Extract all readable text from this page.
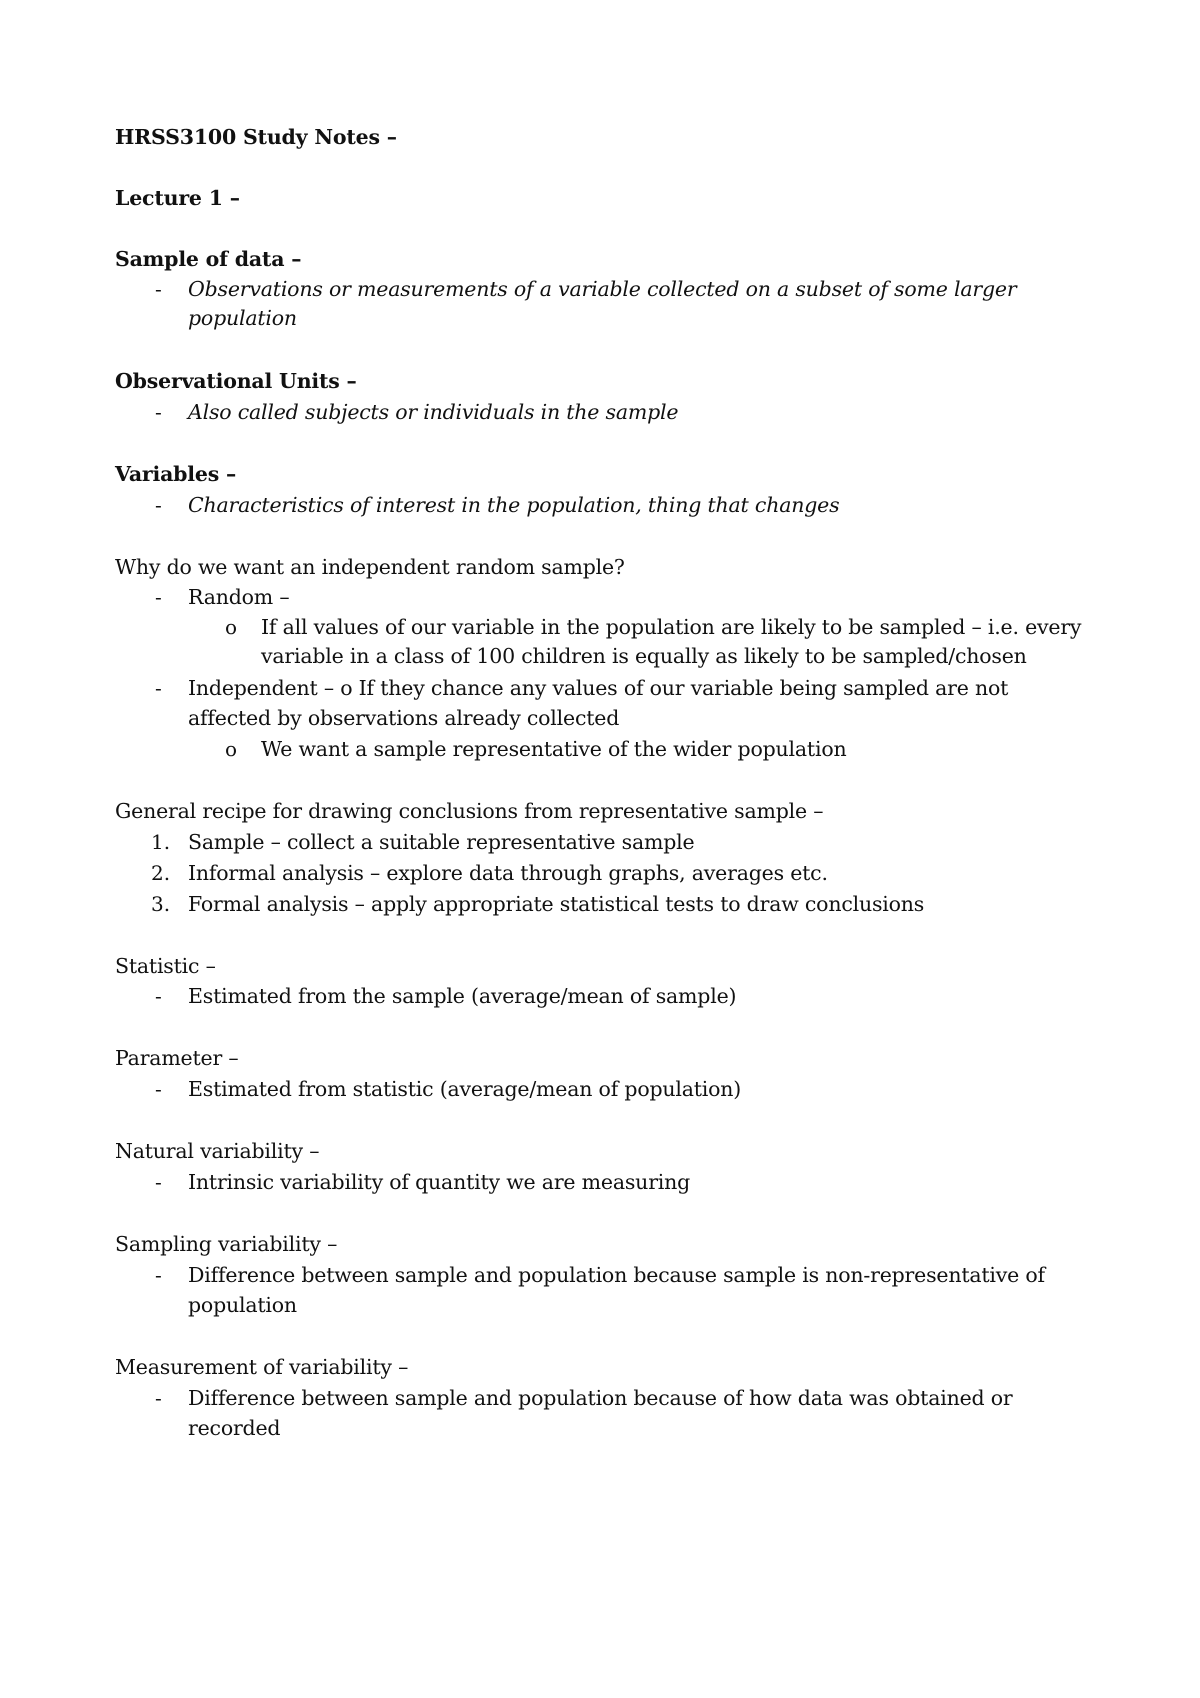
HRSS3100 Study Notes –
Lecture 1 –
Sample of data –
- Observations or measurements of a variable collected on a subset of some larger
population
Observational Units –
- Also called subjects or individuals in the sample
Variables –
- Characteristics of interest in the population, thing that changes
Why do we want an independent random sample?
- Random –
o If all values of our variable in the population are likely to be sampled – i.e. every
variable in a class of 100 children is equally as likely to be sampled/chosen
- Independent – o If they chance any values of our variable being sampled are not
affected by observations already collected
o We want a sample representative of the wider population
General recipe for drawing conclusions from representative sample –
1. Sample – collect a suitable representative sample
2. Informal analysis – explore data through graphs, averages etc.
3. Formal analysis – apply appropriate statistical tests to draw conclusions
Statistic –
- Estimated from the sample (average/mean of sample)
Parameter –
- Estimated from statistic (average/mean of population)
Natural variability –
- Intrinsic variability of quantity we are measuring
Sampling variability –
- Difference between sample and population because sample is non-representative of
population
Measurement of variability –
- Difference between sample and population because of how data was obtained or
recorded
